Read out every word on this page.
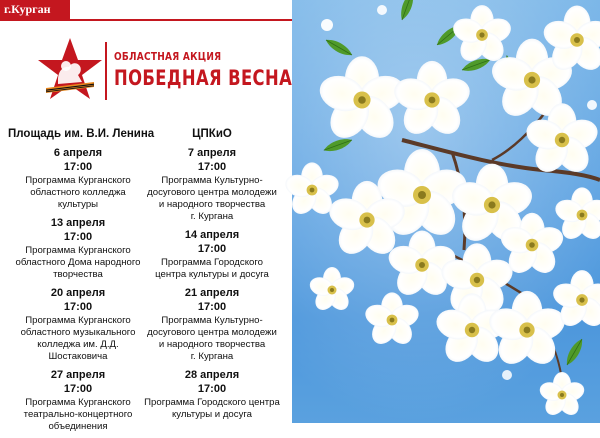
г.Курган
ОБЛАСТНАЯ АКЦИЯ
ПОБЕДНАЯ ВЕСНА
Площадь им. В.И. Ленина
6 апреля
17:00
Программа Курганского
областного колледжа
культуры
13 апреля
17:00
Программа Курганского
областного Дома народного
творчества
20 апреля
17:00
Программа Курганского
областного музыкального
колледжа им. Д.Д.
Шостаковича
27 апреля
17:00
Программа Курганского
театрально-концертного
объединения
ЦПКиО
7 апреля
17:00
Программа Культурно-
досугового центра молодежи
и народного творчества
г. Кургана
14 апреля
17:00
Программа Городского
центра культуры и досуга
21 апреля
17:00
Программа Культурно-
досугового центра молодежи
и народного творчества
г. Кургана
28 апреля
17:00
Программа Городского центра
культуры и досуга
